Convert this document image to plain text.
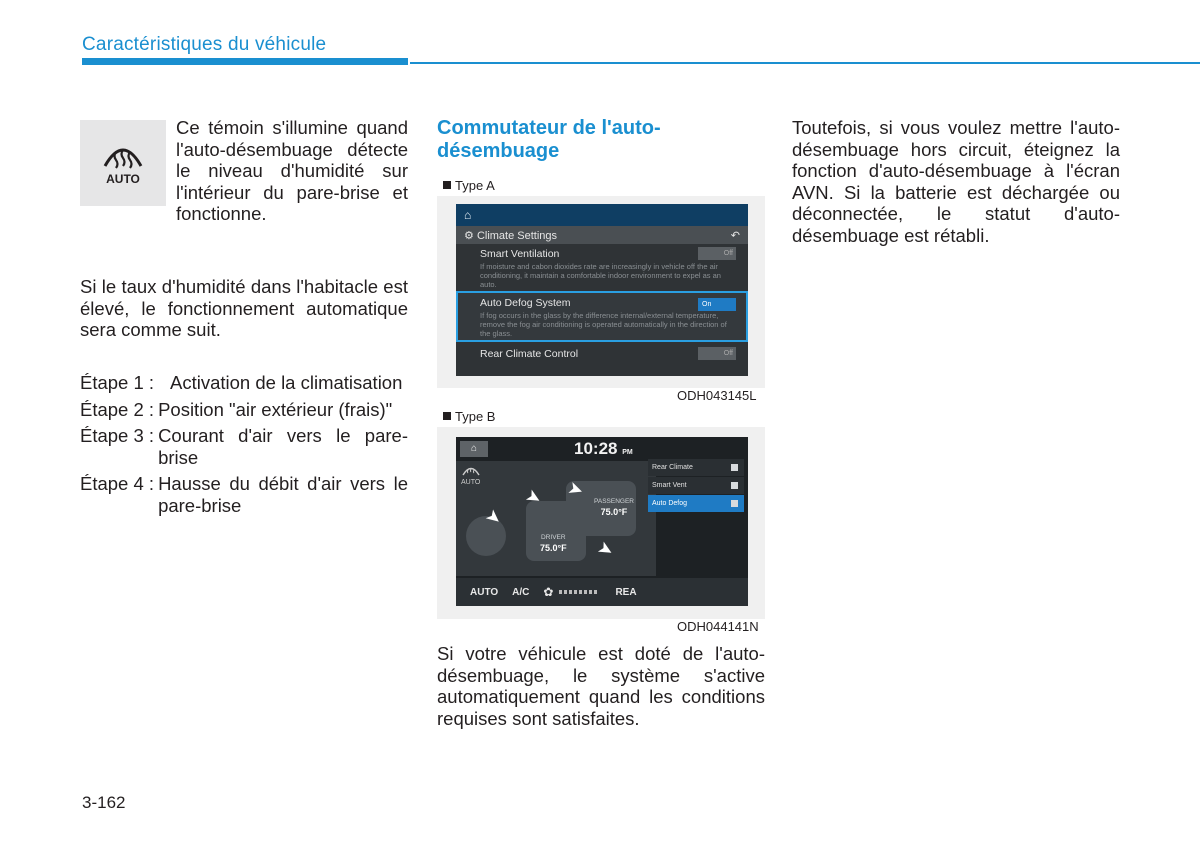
Caractéristiques du véhicule
AUTO
Ce témoin s'illumine quand l'auto-désembuage détecte le niveau d'humidité sur l'intérieur du pare-brise et fonctionne.
Si le taux d'humidité dans l'habitacle est élevé, le fonctionnement automatique sera comme suit.
Étape 1 : Activation de la climatisation
Étape 2 : Position "air extérieur (frais)"
Étape 3 : Courant d'air vers le pare-brise
Étape 4 : Hausse du débit d'air vers le pare-brise
Commutateur de l'auto-désembuage
Type A
⌂
⚙ Climate Settings	↶
Smart Ventilation
If moisture and cabon dioxides rate are increasingly in vehicle off the air conditioning, it maintain a comfortable indoor environment to expel as an auto.
Off
Auto Defog System
If fog occurs in the glass by the difference internal/external temperature, remove the fog air conditioning is operated automatically in the direction of the glass.
On
Rear Climate Control	Off
ODH043145L
Type B
⌂	10:28 PM
➤ ➤
➤
➤
PASSENGER
75.0°F
DRIVER
75.0°F

AUTO
Rear Climate
Smart Vent
Auto Defog
AUTO A/C ✿	REA
ODH044141N
Si votre véhicule est doté de l'auto-désembuage, le système s'active automatiquement quand les conditions requises sont satisfaites.
Toutefois, si vous voulez mettre l'auto-désembuage hors circuit, éteignez la fonction d'auto-désembuage à l'écran AVN. Si la batterie est déchargée ou déconnectée, le statut d'auto-désembuage est rétabli.
3-162
